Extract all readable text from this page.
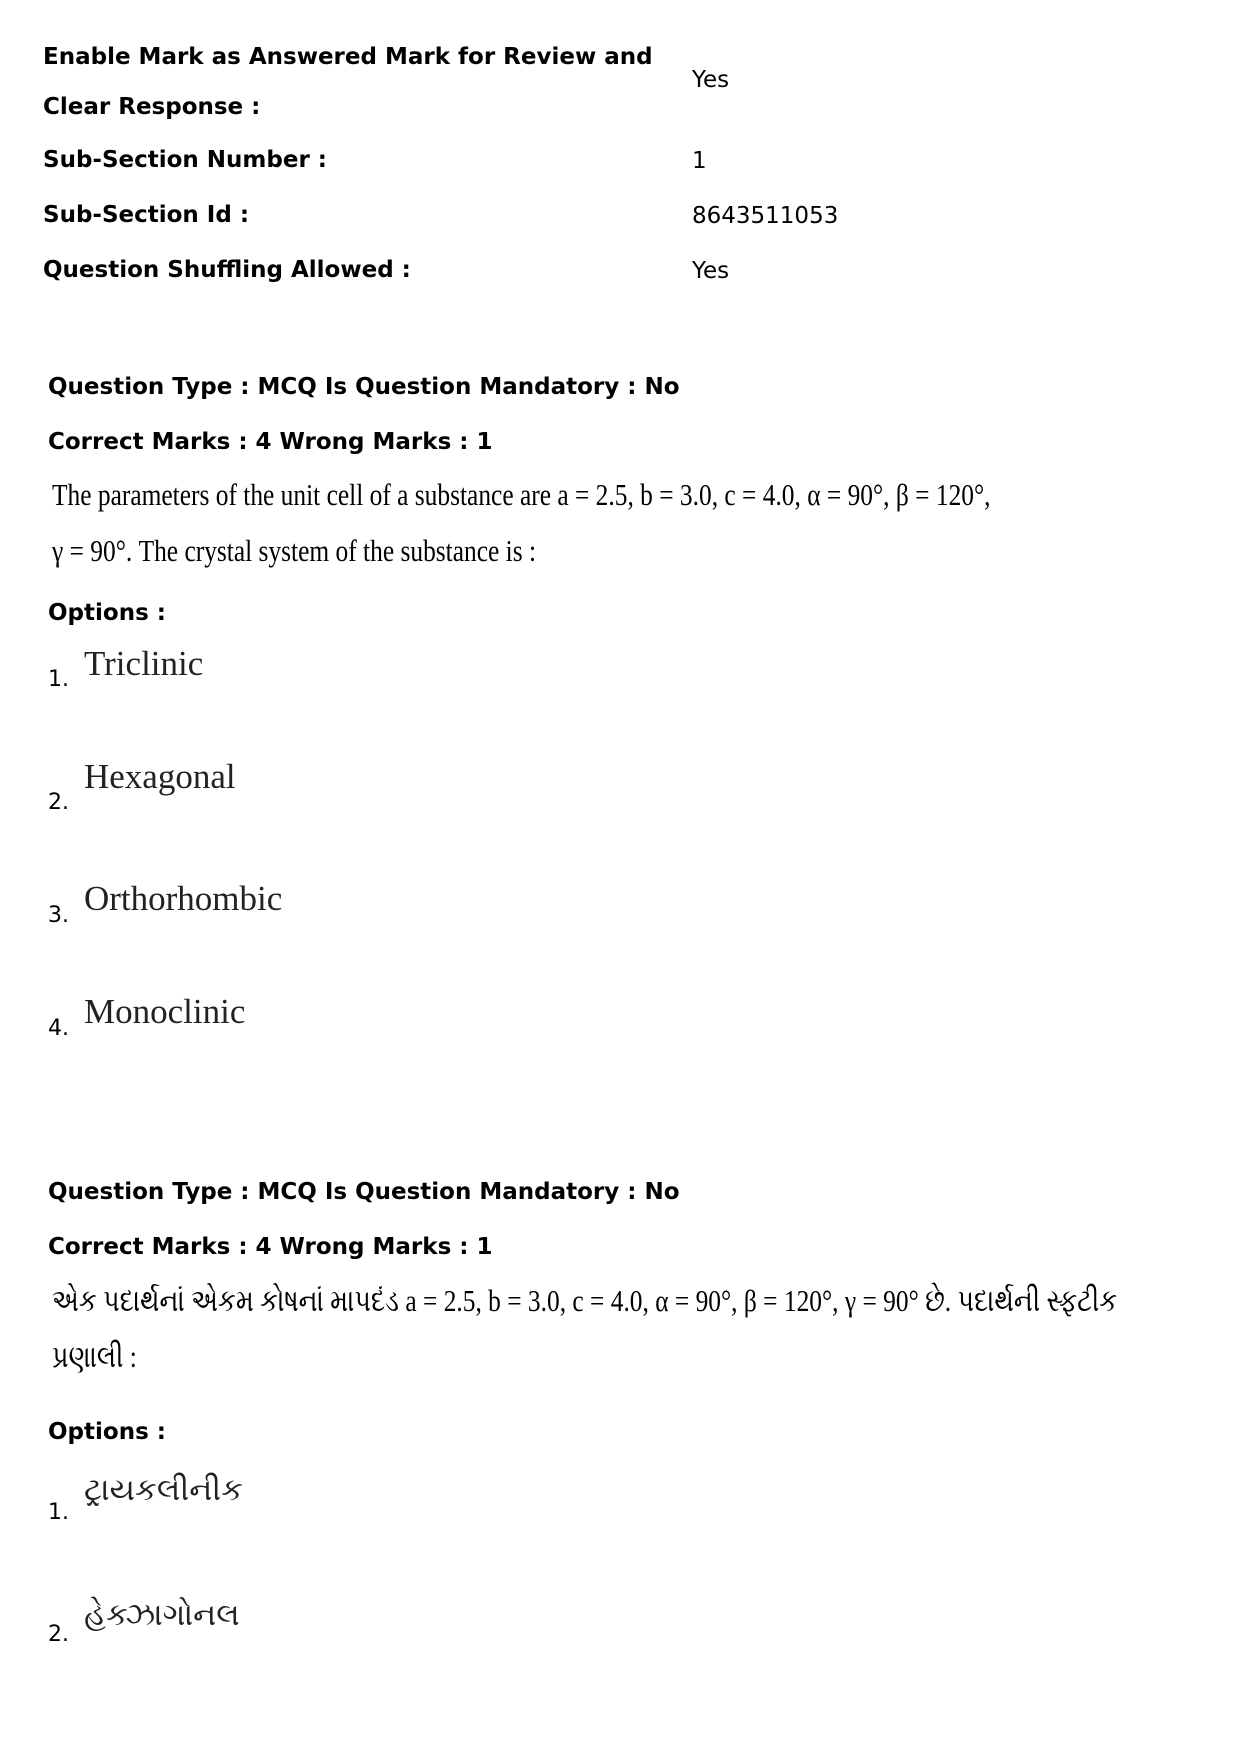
Enable Mark as Answered Mark for Review and Clear Response :
Yes
Sub-Section Number :	1
Sub-Section Id :	8643511053
Question Shuffling Allowed :	Yes
Question Type : MCQ Is Question Mandatory : No
Correct Marks : 4 Wrong Marks : 1
The parameters of the unit cell of a substance are a = 2.5, b = 3.0, c = 4.0, α = 90°, β = 120°,
γ = 90°. The crystal system of the substance is :
Options :
1. Triclinic
2.
Hexagonal
3. Orthorhombic
4. Monoclinic
Question Type : MCQ Is Question Mandatory : No
Correct Marks : 4 Wrong Marks : 1
એક પદાર્થનાં એકમ કોષનાં માપદંડ a = 2.5, b = 3.0, c = 4.0, α = 90°, β = 120°, γ = 90° છે. પદાર્થની સ્ફટીક
પ્રણાલી :
Options :
1.
ટ્રાયકલીનીક
2.
હેક્ઝાગોનલ
